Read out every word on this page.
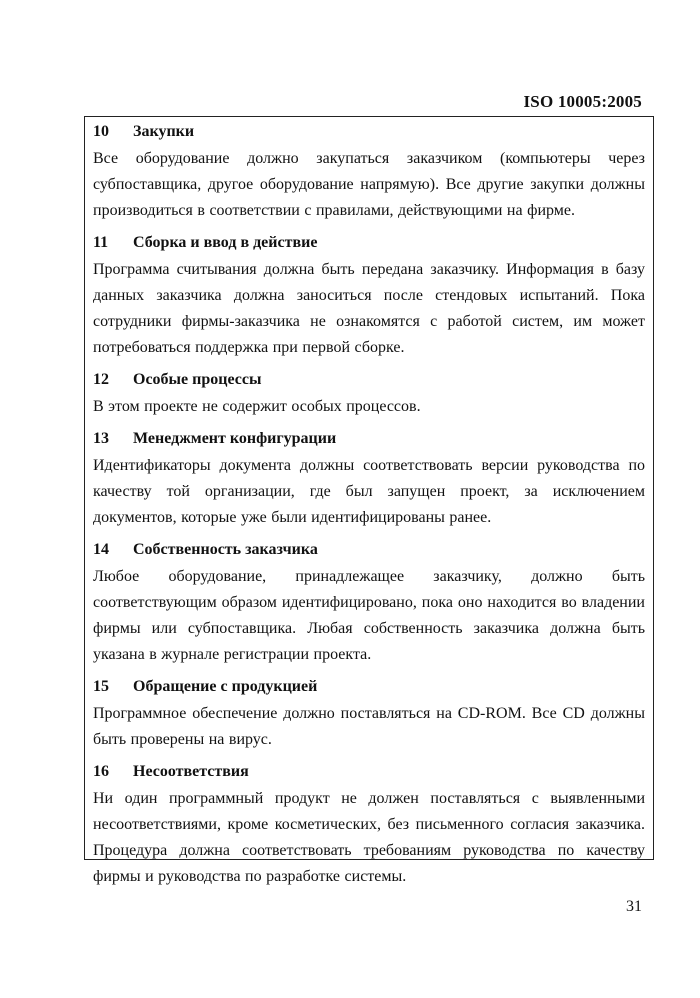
ISO 10005:2005
10	Закупки

Все оборудование должно закупаться заказчиком (компьютеры через субпоставщика, другое оборудование напрямую). Все другие закупки должны производиться в соответствии с правилами, действующими на фирме.

11	Сборка и ввод в действие

Программа считывания должна быть передана заказчику. Информация в базу данных заказчика должна заноситься после стендовых испытаний. Пока сотрудники фирмы-заказчика не ознакомятся с работой систем, им может потребоваться поддержка при первой сборке.

12	Особые процессы

В этом проекте не содержит особых процессов.

13	Менеджмент конфигурации

Идентификаторы документа должны соответствовать версии руководства по качеству той организации, где был запущен проект, за исключением документов, которые уже были идентифицированы ранее.

14	Собственность заказчика

Любое оборудование, принадлежащее заказчику, должно быть соответствующим образом идентифицировано, пока оно находится во владении фирмы или субпоставщика. Любая собственность заказчика должна быть указана в журнале регистрации проекта.

15	Обращение с продукцией

Программное обеспечение должно поставляться на CD-ROM. Все CD должны быть проверены на вирус.

16	Несоответствия

Ни один программный продукт не должен поставляться с выявленными несоответствиями, кроме косметических, без письменного согласия заказчика. Процедура должна соответствовать требованиям руководства по качеству фирмы и руководства по разработке системы.

31
